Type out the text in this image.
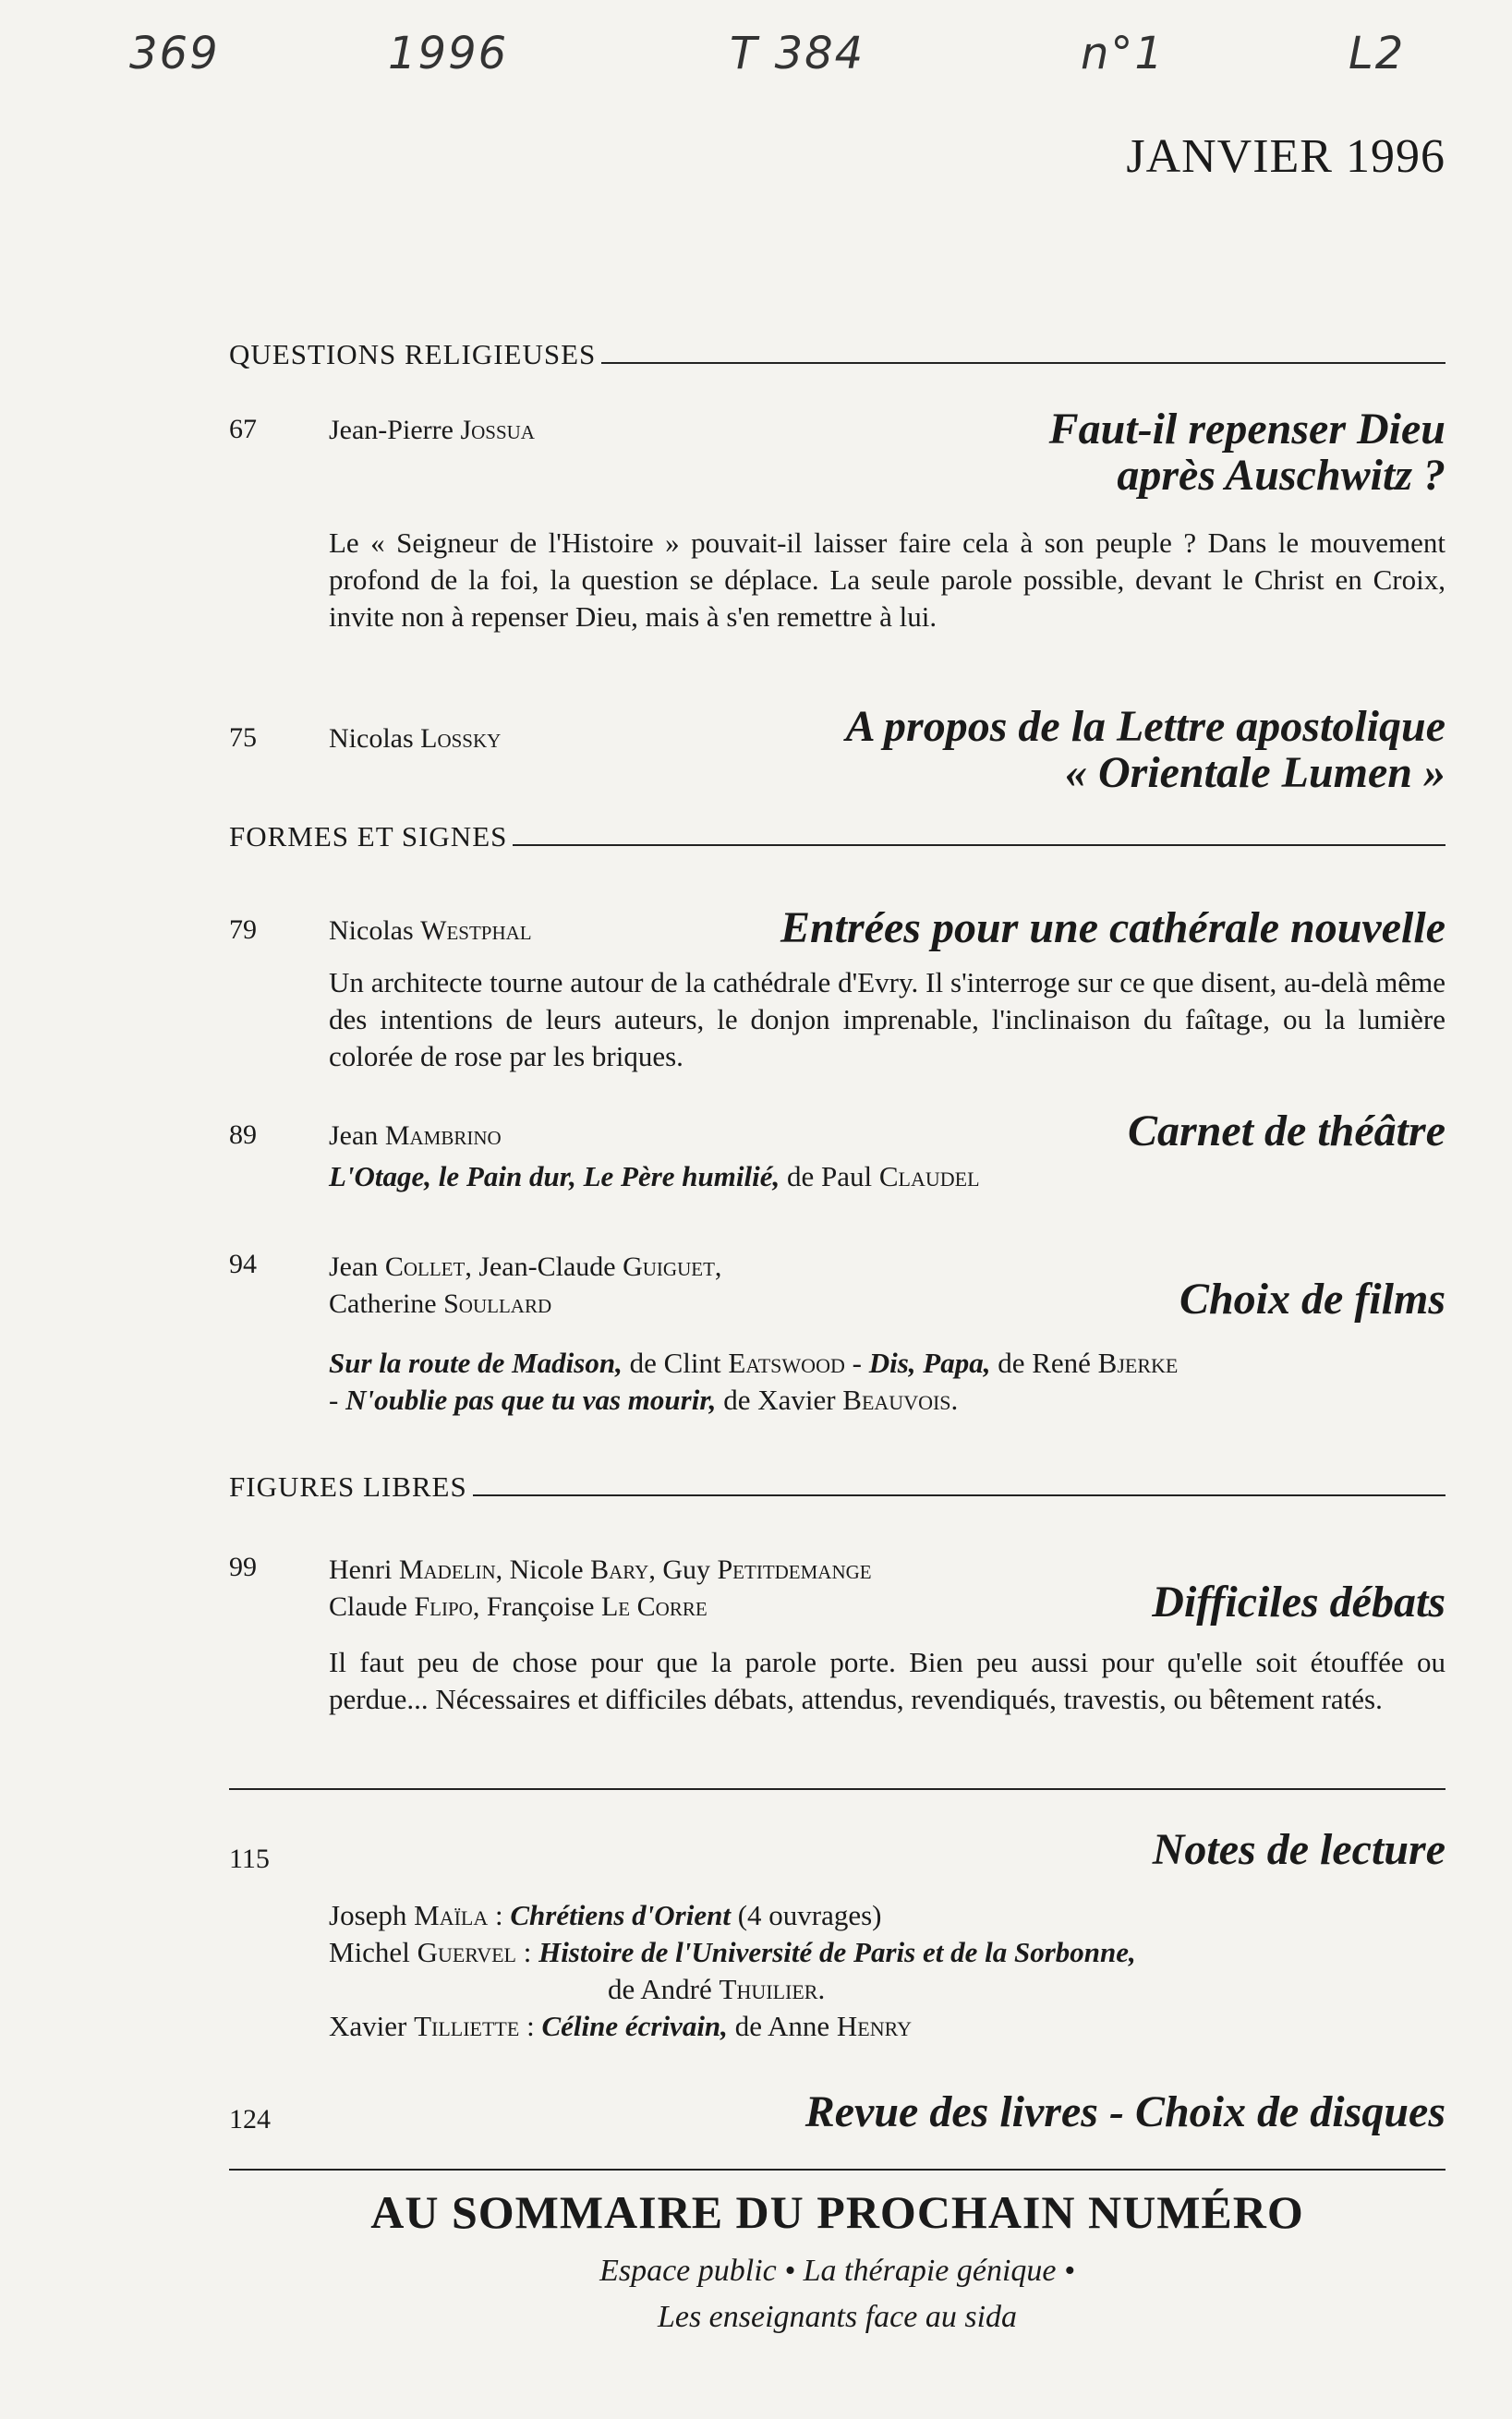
369	1996	T 384	n°1	L2
JANVIER 1996
QUESTIONS RELIGIEUSES
67	Jean-Pierre Jossua	Faut-il repenser Dieu
après Auschwitz ?
Le « Seigneur de l'Histoire » pouvait-il laisser faire cela à son peuple ? Dans le mouvement profond de la foi, la question se déplace. La seule parole possible, devant le Christ en Croix, invite non à repenser Dieu, mais à s'en remettre à lui.
75	Nicolas Lossky	A propos de la Lettre apostolique
« Orientale Lumen »
FORMES ET SIGNES
79	Nicolas Westphal	Entrées pour une cathérale nouvelle
Un architecte tourne autour de la cathédrale d'Evry. Il s'interroge sur ce que disent, au-delà même des intentions de leurs auteurs, le donjon imprenable, l'inclinaison du faîtage, ou la lumière colorée de rose par les briques.
89	Jean Mambrino	Carnet de théâtre
L'Otage, le Pain dur, Le Père humilié, de Paul Claudel
94	Jean Collet, Jean-Claude Guiguet,
Catherine Soullard	Choix de films
Sur la route de Madison, de Clint Eatswood - Dis, Papa, de René Bjerke
- N'oublie pas que tu vas mourir, de Xavier Beauvois.
FIGURES LIBRES
99	Henri Madelin, Nicole Bary, Guy Petitdemange
Claude Flipo, Françoise Le Corre	Difficiles débats
Il faut peu de chose pour que la parole porte. Bien peu aussi pour qu'elle soit étouffée ou perdue... Nécessaires et difficiles débats, attendus, revendiqués, travestis, ou bêtement ratés.
115	Notes de lecture
Joseph Maïla : Chrétiens d'Orient (4 ouvrages)
Michel Guervel : Histoire de l'Université de Paris et de la Sorbonne,
de André Thuilier.
Xavier Tilliette : Céline écrivain, de Anne Henry
124	Revue des livres - Choix de disques
AU SOMMAIRE DU PROCHAIN NUMÉRO
Espace public • La thérapie génique •
Les enseignants face au sida
